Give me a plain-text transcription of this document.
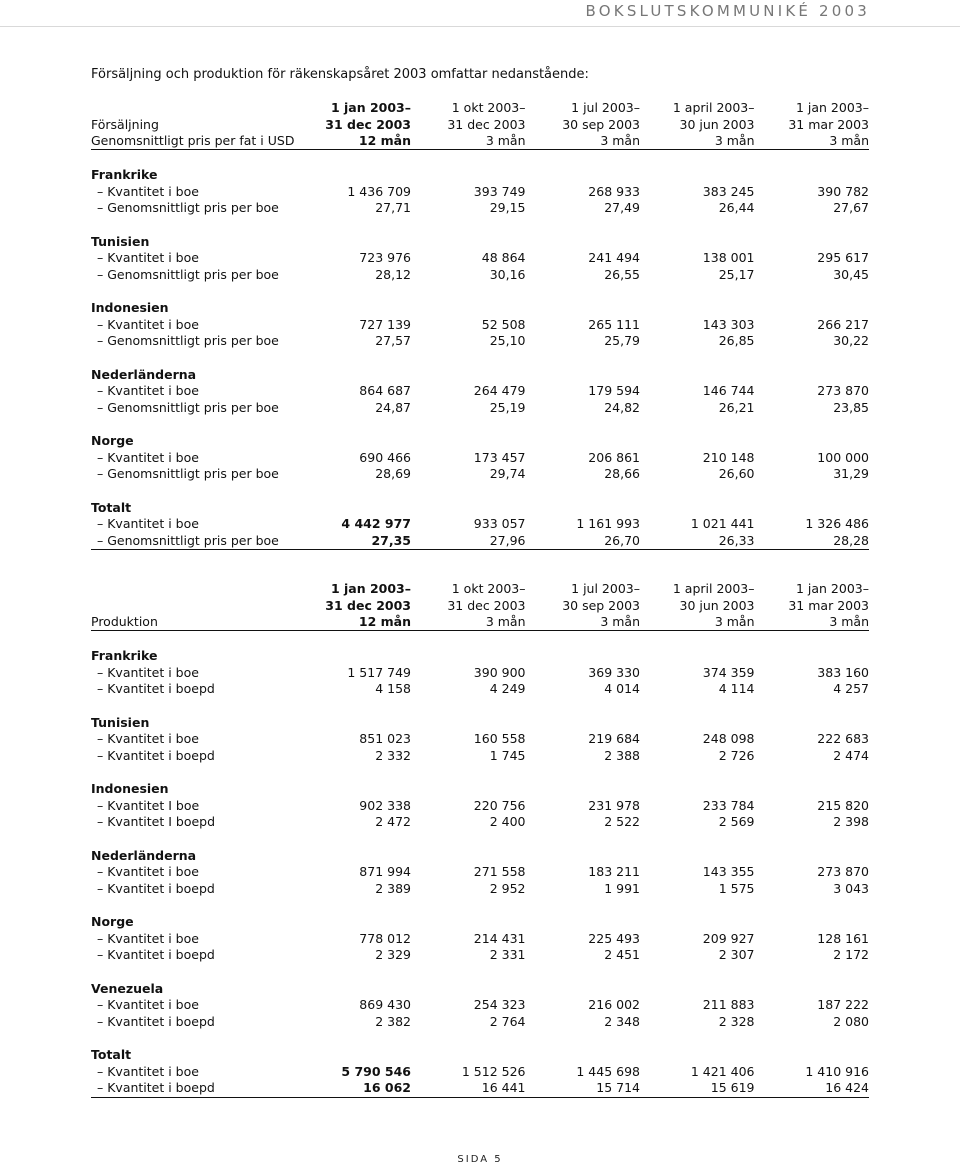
BOKSLUTSKOMMUNIKÉ 2003
Försäljning och produktion för räkenskapsåret 2003 omfattar nedanstående:
	1 jan 2003–	1 okt 2003–	1 jul 2003–	1 april 2003–	1 jan 2003–
Försäljning	31 dec 2003	31 dec 2003	30 sep 2003	30 jun 2003	31 mar 2003
Genomsnittligt pris per fat i USD	12 mån	3 mån	3 mån	3 mån	3 mån

Frankrike					
– Kvantitet i boe	1 436 709	393 749	268 933	383 245	390 782
– Genomsnittligt pris per boe	27,71	29,15	27,49	26,44	27,67

Tunisien					
– Kvantitet i boe	723 976	48 864	241 494	138 001	295 617
– Genomsnittligt pris per boe	28,12	30,16	26,55	25,17	30,45

Indonesien					
– Kvantitet i boe	727 139	52 508	265 111	143 303	266 217
– Genomsnittligt pris per boe	27,57	25,10	25,79	26,85	30,22

Nederländerna					
– Kvantitet i boe	864 687	264 479	179 594	146 744	273 870
– Genomsnittligt pris per boe	24,87	25,19	24,82	26,21	23,85

Norge					
– Kvantitet i boe	690 466	173 457	206 861	210 148	100 000
– Genomsnittligt pris per boe	28,69	29,74	28,66	26,60	31,29

Totalt					
– Kvantitet i boe	4 442 977	933 057	1 161 993	1 021 441	1 326 486
– Genomsnittligt pris per boe	27,35	27,96	26,70	26,33	28,28
	1 jan 2003–	1 okt 2003–	1 jul 2003–	1 april 2003–	1 jan 2003–
	31 dec 2003	31 dec 2003	30 sep 2003	30 jun 2003	31 mar 2003
Produktion	12 mån	3 mån	3 mån	3 mån	3 mån

Frankrike					
– Kvantitet i boe	1 517 749	390 900	369 330	374 359	383 160
– Kvantitet i boepd	4 158	4 249	4 014	4 114	4 257

Tunisien					
– Kvantitet i boe	851 023	160 558	219 684	248 098	222 683
– Kvantitet i boepd	2 332	1 745	2 388	2 726	2 474

Indonesien					
– Kvantitet I boe	902 338	220 756	231 978	233 784	215 820
– Kvantitet I boepd	2 472	2 400	2 522	2 569	2 398

Nederländerna					
– Kvantitet i boe	871 994	271 558	183 211	143 355	273 870
– Kvantitet i boepd	2 389	2 952	1 991	1 575	3 043

Norge					
– Kvantitet i boe	778 012	214 431	225 493	209 927	128 161
– Kvantitet i boepd	2 329	2 331	2 451	2 307	2 172

Venezuela					
– Kvantitet i boe	869 430	254 323	216 002	211 883	187 222
– Kvantitet i boepd	2 382	2 764	2 348	2 328	2 080

Totalt					
– Kvantitet i boe	5 790 546	1 512 526	1 445 698	1 421 406	1 410 916
– Kvantitet i boepd	16 062	16 441	15 714	15 619	16 424
SIDA 5
